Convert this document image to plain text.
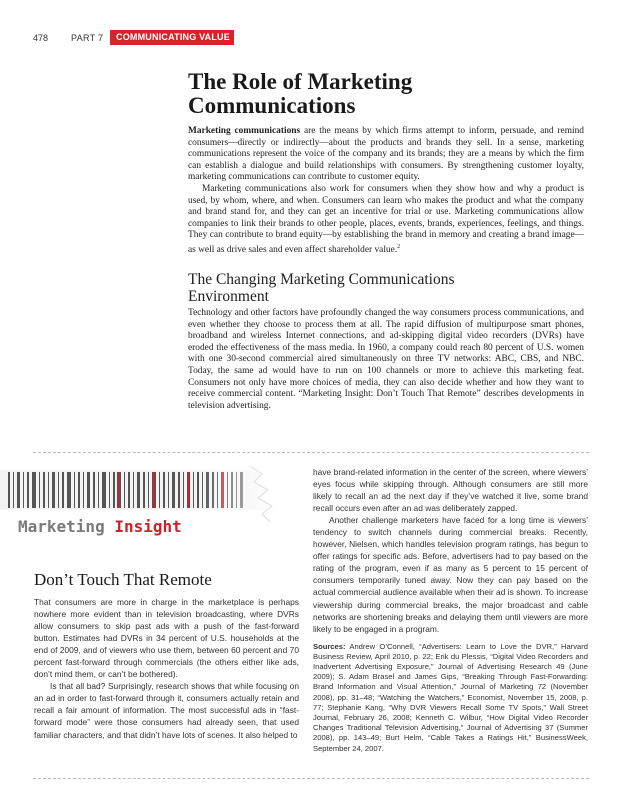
478	PART 7	COMMUNICATING VALUE
The Role of Marketing
Communications

Marketing communications are the means by which firms attempt to inform, persuade, and remind consumers—directly or indirectly—about the products and brands they sell. In a sense, marketing communications represent the voice of the company and its brands; they are a means by which the firm can establish a dialogue and build relationships with consumers. By strengthening customer loyalty, marketing communications can contribute to customer equity.

Marketing communications also work for consumers when they show how and why a product is used, by whom, where, and when. Consumers can learn who makes the product and what the company and brand stand for, and they can get an incentive for trial or use. Marketing communications allow companies to link their brands to other people, places, events, brands, experiences, feelings, and things. They can contribute to brand equity—by establishing the brand in memory and creating a brand image—as well as drive sales and even affect shareholder value.$^2$

The Changing Marketing Communications
Environment

Technology and other factors have profoundly changed the way consumers process communications, and even whether they choose to process them at all. The rapid diffusion of multipurpose smart phones, broadband and wireless Internet connections, and ad-skipping digital video recorders (DVRs) have eroded the effectiveness of the mass media. In 1960, a company could reach 80 percent of U.S. women with one 30-second commercial aired simultaneously on three TV networks: ABC, CBS, and NBC. Today, the same ad would have to run on 100 channels or more to achieve this marketing feat. Consumers not only have more choices of media, they can also decide whether and how they want to receive commercial content. “Marketing Insight: Don’t Touch That Remote” describes developments in television advertising.

Marketing Insight
Don’t Touch That Remote

That consumers are more in charge in the marketplace is perhaps nowhere more evident than in television broadcasting, where DVRs allow consumers to skip past ads with a push of the fast-forward button. Estimates had DVRs in 34 percent of U.S. households at the end of 2009, and of viewers who use them, between 60 percent and 70 percent fast-forward through commercials (the others either like ads, don’t mind them, or can’t be bothered).

Is that all bad? Surprisingly, research shows that while focusing on an ad in order to fast-forward through it, consumers actually retain and recall a fair amount of information. The most successful ads in “fast-forward mode” were those consumers had already seen, that used familiar characters, and that didn’t have lots of scenes. It also helped to

have brand-related information in the center of the screen, where viewers’ eyes focus while skipping through. Although consumers are still more likely to recall an ad the next day if they’ve watched it live, some brand recall occurs even after an ad was deliberately zapped.

Another challenge marketers have faced for a long time is viewers’ tendency to switch channels during commercial breaks. Recently, however, Nielsen, which handles television program ratings, has begun to offer ratings for specific ads. Before, advertisers had to pay based on the rating of the program, even if as many as 5 percent to 15 percent of consumers temporarily tuned away. Now they can pay based on the actual commercial audience available when their ad is shown. To increase viewership during commercial breaks, the major broadcast and cable networks are shortening breaks and delaying them until viewers are more likely to be engaged in a program.

Sources: Andrew O’Connell, “Advertisers: Learn to Love the DVR,” Harvard Business Review, April 2010, p. 22; Erik du Plessis, “Digital Video Recorders and Inadvertent Advertising Exposure,” Journal of Advertising Research 49 (June 2009); S. Adam Brasel and James Gips, “Breaking Through Fast-Forwarding: Brand Information and Visual Attention,” Journal of Marketing 72 (November 2008), pp. 31–48; “Watching the Watchers,” Economist, November 15, 2008, p. 77; Stephanie Kang, “Why DVR Viewers Recall Some TV Spots,” Wall Street Journal, February 26, 2008; Kenneth C. Wilbur, “How Digital Video Recorder Changes Traditional Television Advertising,” Journal of Advertising 37 (Summer 2008), pp. 143–49; Burt Helm, “Cable Takes a Ratings Hit,” BusinessWeek, September 24, 2007.
